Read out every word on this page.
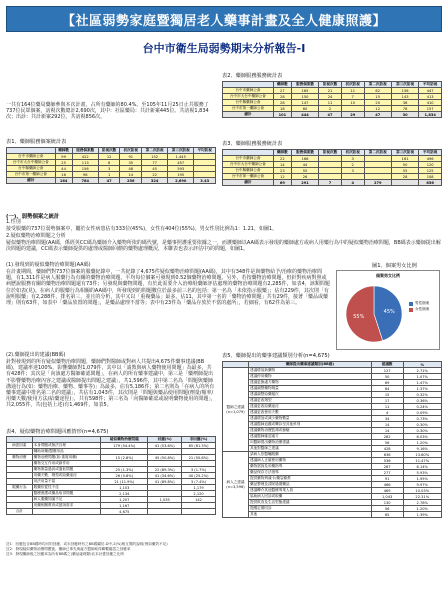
【社區弱勢家庭暨獨居老人藥事計畫及全人健康照護】
台中市衛生局弱勢期末分析報告-I
一共有164位藥局藥師參與本次計畫，占所有藥師的80.4%。至105年11月25日止共服務了737位民眾個案，訪視次數總計2,690次，其中：社區藥局：共計新案445位、共訪視1,834次；出診：共計新案292位、共訪視856次。
表1、藥師服務個案統計表
	藥師數	服務個案數	訪視次數	初次訪視	第二次訪視	第三次訪視	平均訪視
台中市藥師公會	99	422	12	91	152	1,445	
台中市大台中藥師公會	25	113	6	35	77	457	
台中縣藥師公會	44	156	3	48	45	593	
台中市第一藥師公會	16	98	1	14	22	195	
總計	164	784	47	256	324	2,690	3.43
表2、藥師服務服務統計表
	藥師數	服務個案數	訪視次數	初次訪視	第二次訪視	第三次訪視	平均訪視
台中市藥師公會	27	165	21	11	62	158	447
台中市大台中藥師公會	28	150	24	7	15	143	413
台中縣藥師公會	28	147	11	10	20	38	410
台中市第一藥師公會	18	60	2		12	78	157
總計	101	444	47	29	47	30	1,834
表3、藥師服務服務統計表
	藥師數	服務個案數	訪視次數	初次訪視	第二次訪視	第三次訪視	平均訪視
台中市藥師公會	22	166		3		161	496
台中市大台中藥師公會	14	44		2		50	120
台中縣藥師公會	23	55		3		55	125
台中市第一藥師公會	12	26				28	108
總計	69	291	7	4	279		856
(一)、弱勢個案之統計
1.性別
接受服藥的737位弱勢個案中，屬於女性病患佔有333位(45%)，女性有404位(55%)。男女性別比例為1：1.21，如圖1。
2.疑似藥物治療問題之分析
疑似藥物治療問題(AA碼，係經英CC碼為藥師介入藥物所依的碼代號，是藥事照護重要依據之一，而護藥師以AA碼表示發現的藥師處方或病人用藥行為中的疑似藥物治療問題，BB碼表示藥師提出解決問題的建議，CC碼表示藥師提供的處理或醫師回饋的藥物處理概況，本聯表也表示評估中)的問題，如圖1。
圖1、個案男女比例
個案男女比例
45%
55%
男性個案
女性個案
(1).發現到的疑似藥物治療問題(AA碼)
在計畫期間，藥師們對737位個案的服藥紀錄中，一共紀錄了4,675件疑似藥物治療問題(AA碼)，其中有348件是與藥物給予/治療的藥物治療問題，有1,311件是病人服藥行為有關的藥物治療問題，平均每位個案可發現到0.52個藥物治療問題。另外，若按藥物治療問題，但針對疾病對照或病歷說服務有關的藥物治療問題還有73件；另發現與藥物問題，有於此需要介入治療組藥師評估處理的藥物治療問題有2,285件，如表4，該類問題位於如表(見)。在病人的服藥行為相關的AA碼中，所發現到的問題數位於最多前三名的包括：第一名為「未依指示服藥」；佔有229件，其次則「有說明服藥」有2,288件，排名第三，並且的分析，其中又以「重複藥品」最多，佔11，其中第一名的「藥物治療問題」共有29件，接著「藥品或藥理」則有63件，如表中「藥品放置的問題」，是藥品處理不當等；表中有23件為「藥品存放於不當的處所」，若細看，有62件為第三。
(2).藥師提出的建議(BB碼)
針對發現到的所有疑似藥物治療問題，藥師們對醫師或對病人共提出4,675件藥事建議(BB碼)，建議率達100%，影響藥師對1,079件，其中以「請教與病人藥物使用問題」為最多，共有428件；其次是「向該處方醫師確認問題」，在病人的所有藥事建議中，第三是「藥劑師提出不影響藥物治療內容之建議或醫師提出問題之建議」，共1,596件，其中第二名為「問題與藥師溝通行為(如：藥物治療、藥物、藥事等)」為最多，佔有5,186件；第二名則為「在病人的所有藥事建議中排名第二名的建議」，共佔有1,043件，其次則是「問題與藥品使用問題(劑量/頻率/用藥天數/使用方法/給藥途徑)」，共有598件；第三名為「向醫師確認或說明藥物使用的問題」，共2,055件，共(包括上述)有1,469件，如表5。
表4、疑似藥物治療問題回應情形(n=4,675)
		疑似藥物治療問題	回應(%)	非回應(%)
病患因素	本身問題或無法自理	179 (54.4%)	41 (53.6%)	65 (61.3%)
	輔助用藥/醫療用品			
藥物治療	藥物治療問題(如:重複用藥)	15 (2.8%)	45 (50.8%)	21 (50.8%)
	藥物交互作用或副作用			
	藥物劑量過高或過低問題	25 (1.3%)	22 (89.3%)	3 (1.7%)
	用藥天數、劑型或給藥途徑	26 (5.8%)	41 (34.6%)	40 (25.2%)
	用法用量不當	21 (11.9%)	41 (89.8%)	3 (7.4%)
服藥行為	服藥依從性不佳	1,103		1,179
	醫療照護或藥品取得問題	2,134		2,120
	病人服藥知識不足	1,207	1,035	142
	用藥相關教育或諮詢需求	1,167		
合計		4,675		
註1：回應包含BB碼時均可的回應；或未回應時有之BB碼屬於-D中,2(%)相互間的說明(例如藥效不足)
註2：發現疑似藥物治療問題後，藥師已事先與處方醫師取得聯繫確認之回應率
註3：發現藥師後之回應率為所有BB碼之(藥品處理類)佔本計畫回應之比例
表5、藥師提出的藥事建議類別分析(n=4,675)
	藥師提出藥事建議類別(BB碼)	建議數	%

醫師之建議
(n=1,079)	建議增加新藥物	127	2.71%
	建議停用藥物	50	1.07%
	建議更換處方藥物	69	1.47%
	建議調整藥物劑量	64	1.37%
	建議調整給藥頻次	15	0.32%
	建議更改劑型	17	0.36%
	建議更改給藥途徑	11	0.24%
	建議更改使用天數	4	0.09%
	建議增加或減少藥物數量	34	0.73%
	建議醫師追蹤或轉診至其他科別	14	0.30%
	建議藥物治療監測或檢驗	14	0.30%
	建議醫師確認處方	282	6.03%
	向醫師提出藥物治療建議	56	1.20%
	其他對醫師之建議	428	9.16%

病人之建議
(n=3,596)	請病人依醫囑服藥	636	13.60%
	建議病人正確使用藥物	536	11.47%
	藥物諮詢及用藥指導	287	6.14%
	藥品保存方法指導	277	5.93%
	提供藥物辨識卡/藥袋衛教	91	1.95%
	藥品整理及清除過期藥品	466	9.97%
	建議轉介其他醫療專業人員	469	10.03%
	協助病人回診或取藥	1,043	22.31%
	提供飲食及生活型態建議	130	2.78%
	提醒定期回診	56	1.20%
	其他	65	1.39%
